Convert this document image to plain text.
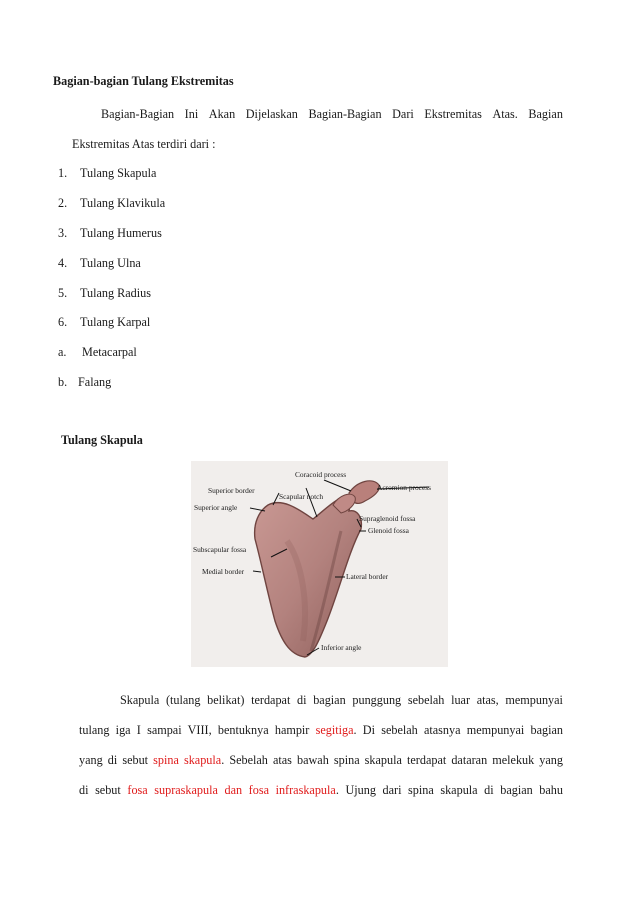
Bagian-bagian Tulang Ekstremitas
Bagian-Bagian Ini Akan Dijelaskan Bagian-Bagian Dari Ekstremitas Atas. Bagian
Ekstremitas Atas terdiri dari :
1. Tulang Skapula
2. Tulang Klavikula
3. Tulang Humerus
4. Tulang Ulna
5. Tulang Radius
6. Tulang Karpal
a. Metacarpal
b. Falang
Tulang Skapula
Coracoid process
Acromion process
Superior border
Scapular notch
Superior angle
Supraglenoid fossa
Glenoid fossa
Subscapular fossa
Medial border
Lateral border
Inferior angle
Skapula (tulang belikat) terdapat di bagian punggung sebelah luar atas, mempunyai
tulang iga I sampai VIII, bentuknya hampir segitiga. Di sebelah atasnya mempunyai bagian
yang di sebut spina skapula. Sebelah atas bawah spina skapula terdapat dataran melekuk yang
di sebut fosa supraskapula dan fosa infraskapula. Ujung dari spina skapula di bagian bahu
